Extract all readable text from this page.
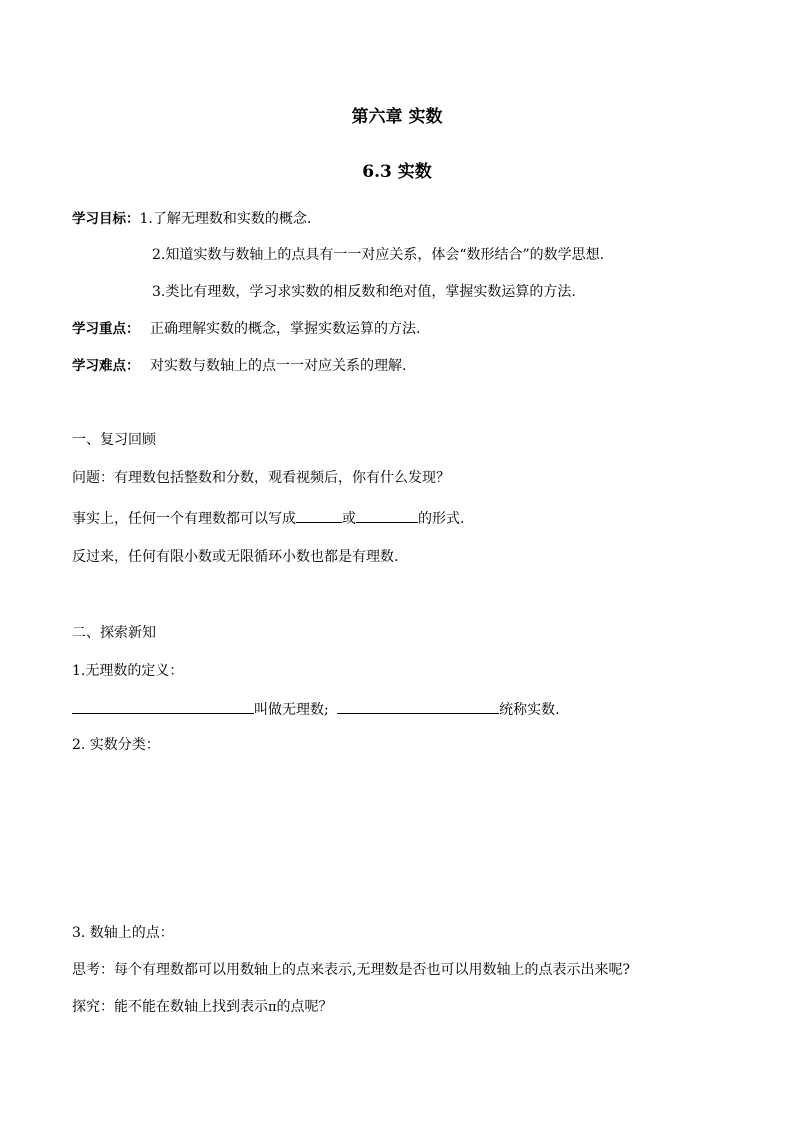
第六章 实数
6.3 实数
学习目标：1.了解无理数和实数的概念.
2.知道实数与数轴上的点具有一一对应关系，体会“数形结合”的数学思想.
3.类比有理数，学习求实数的相反数和绝对值，掌握实数运算的方法.
学习重点： 正确理解实数的概念，掌握实数运算的方法.
学习难点： 对实数与数轴上的点一一对应关系的理解.
一、复习回顾
问题：有理数包括整数和分数，观看视频后，你有什么发现？
事实上，任何一个有理数都可以写成	或	的形式.
反过来，任何有限小数或无限循环小数也都是有理数.
二、探索新知
1.无理数的定义：
叫做无理数;	统称实数.
2. 实数分类：
3. 数轴上的点：
思考：每个有理数都可以用数轴上的点来表示,无理数是否也可以用数轴上的点表示出来呢?
探究：能不能在数轴上找到表示π的点呢？
